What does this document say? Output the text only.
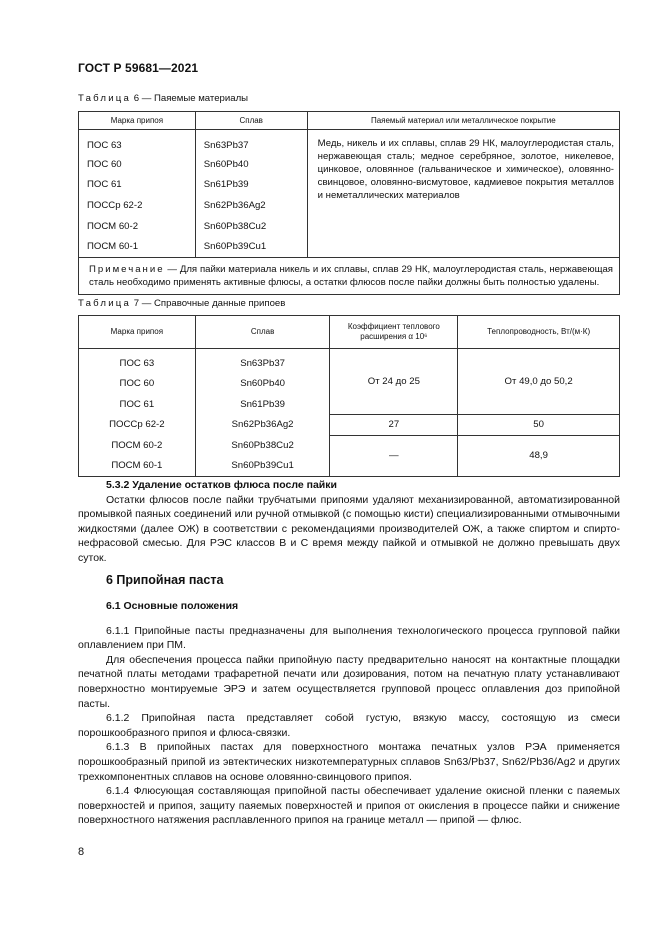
ГОСТ Р 59681—2021
Таблица 6 — Паяемые материалы
Марка припоя	Сплав	Паяемый материал или металлическое покрытие
ПОС 63	Sn63Pb37	Медь, никель и их сплавы, сплав 29 НК, малоуглеродистая сталь, нержавеющая сталь; медное серебряное, золотое, никелевое, цинковое, оловянное (гальваническое и химическое), оловянно-свинцовое, оловянно-висмутовое, кадмиевое покрытия металлов и неметаллических материалов
ПОС 60	Sn60Pb40	
ПОС 61	Sn61Pb39	
ПОССр 62-2	Sn62Pb36Ag2	
ПОСМ 60-2	Sn60Pb38Cu2	
ПОСМ 60-1	Sn60Pb39Cu1	
Примечание — Для пайки материала никель и их сплавы, сплав 29 НК, малоуглеродистая сталь, нержавеющая сталь необходимо применять активные флюсы, а остатки флюсов после пайки должны быть полностью удалены.		
Таблица 7 — Справочные данные припоев
Марка припоя	Сплав	Коэффициент теплового расширения α 10⁶	Теплопроводность, Вт/(м·К)
ПОС 63	Sn63Pb37	От 24 до 25	От 49,0 до 50,2
ПОС 60	Sn60Pb40		
ПОС 61	Sn61Pb39		
ПОССр 62-2	Sn62Pb36Ag2	27	50
ПОСМ 60-2	Sn60Pb38Cu2	—	48,9
ПОСМ 60-1	Sn60Pb39Cu1		

5.3.2 Удаление остатков флюса после пайки

Остатки флюсов после пайки трубчатыми припоями удаляют механизированной, автоматизированной промывкой паяных соединений или ручной отмывкой (с помощью кисти) специализированными отмывочными жидкостями (далее ОЖ) в соответствии с рекомендациями производителей ОЖ, а также спиртом и спирто-нефрасовой смесью. Для РЭС классов В и С время между пайкой и отмывкой не должно превышать двух суток.

6 Припойная паста

6.1 Основные положения

6.1.1 Припойные пасты предназначены для выполнения технологического процесса групповой пайки оплавлением при ПМ.

Для обеспечения процесса пайки припойную пасту предварительно наносят на контактные площадки печатной платы методами трафаретной печати или дозирования, потом на печатную плату устанавливают поверхностно монтируемые ЭРЭ и затем осуществляется групповой процесс оплавления доз припойной пасты.

6.1.2 Припойная паста представляет собой густую, вязкую массу, состоящую из смеси порошкообразного припоя и флюса-связки.

6.1.3 В припойных пастах для поверхностного монтажа печатных узлов РЭА применяется порошкообразный припой из эвтектических низкотемпературных сплавов Sn63/Pb37, Sn62/Pb36/Ag2 и других трехкомпонентных сплавов на основе оловянно-свинцового припоя.

6.1.4 Флюсующая составляющая припойной пасты обеспечивает удаление окисной пленки с паяемых поверхностей и припоя, защиту паяемых поверхностей и припоя от окисления в процессе пайки и снижение поверхностного натяжения расплавленного припоя на границе металл — припой — флюс.

8
